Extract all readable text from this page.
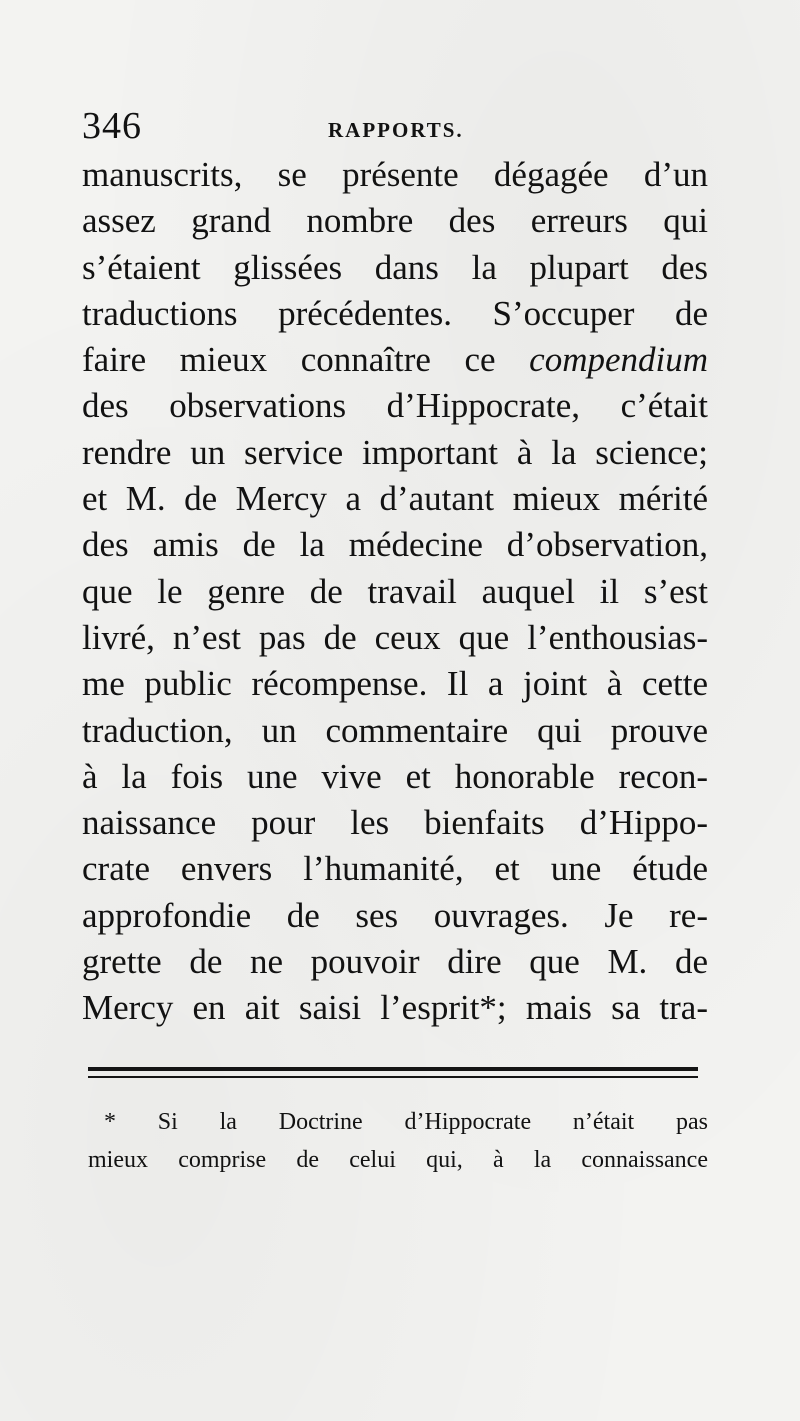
346	RAPPORTS.
manuscrits, se présente dégagée d’un
assez grand nombre des erreurs qui
s’étaient glissées dans la plupart des
traductions précédentes. S’occuper de
faire mieux connaître ce compendium
des observations d’Hippocrate, c’était
rendre un service important à la science;
et M. de Mercy a d’autant mieux mérité
des amis de la médecine d’observation,
que le genre de travail auquel il s’est
livré, n’est pas de ceux que l’enthousias-
me public récompense. Il a joint à cette
traduction, un commentaire qui prouve
à la fois une vive et honorable recon-
naissance pour les bienfaits d’Hippo-
crate envers l’humanité, et une étude
approfondie de ses ouvrages. Je re-
grette de ne pouvoir dire que M. de
Mercy en ait saisi l’esprit*; mais sa tra-
* Si la Doctrine d’Hippocrate n’était pas
mieux comprise de celui qui, à la connaissance
